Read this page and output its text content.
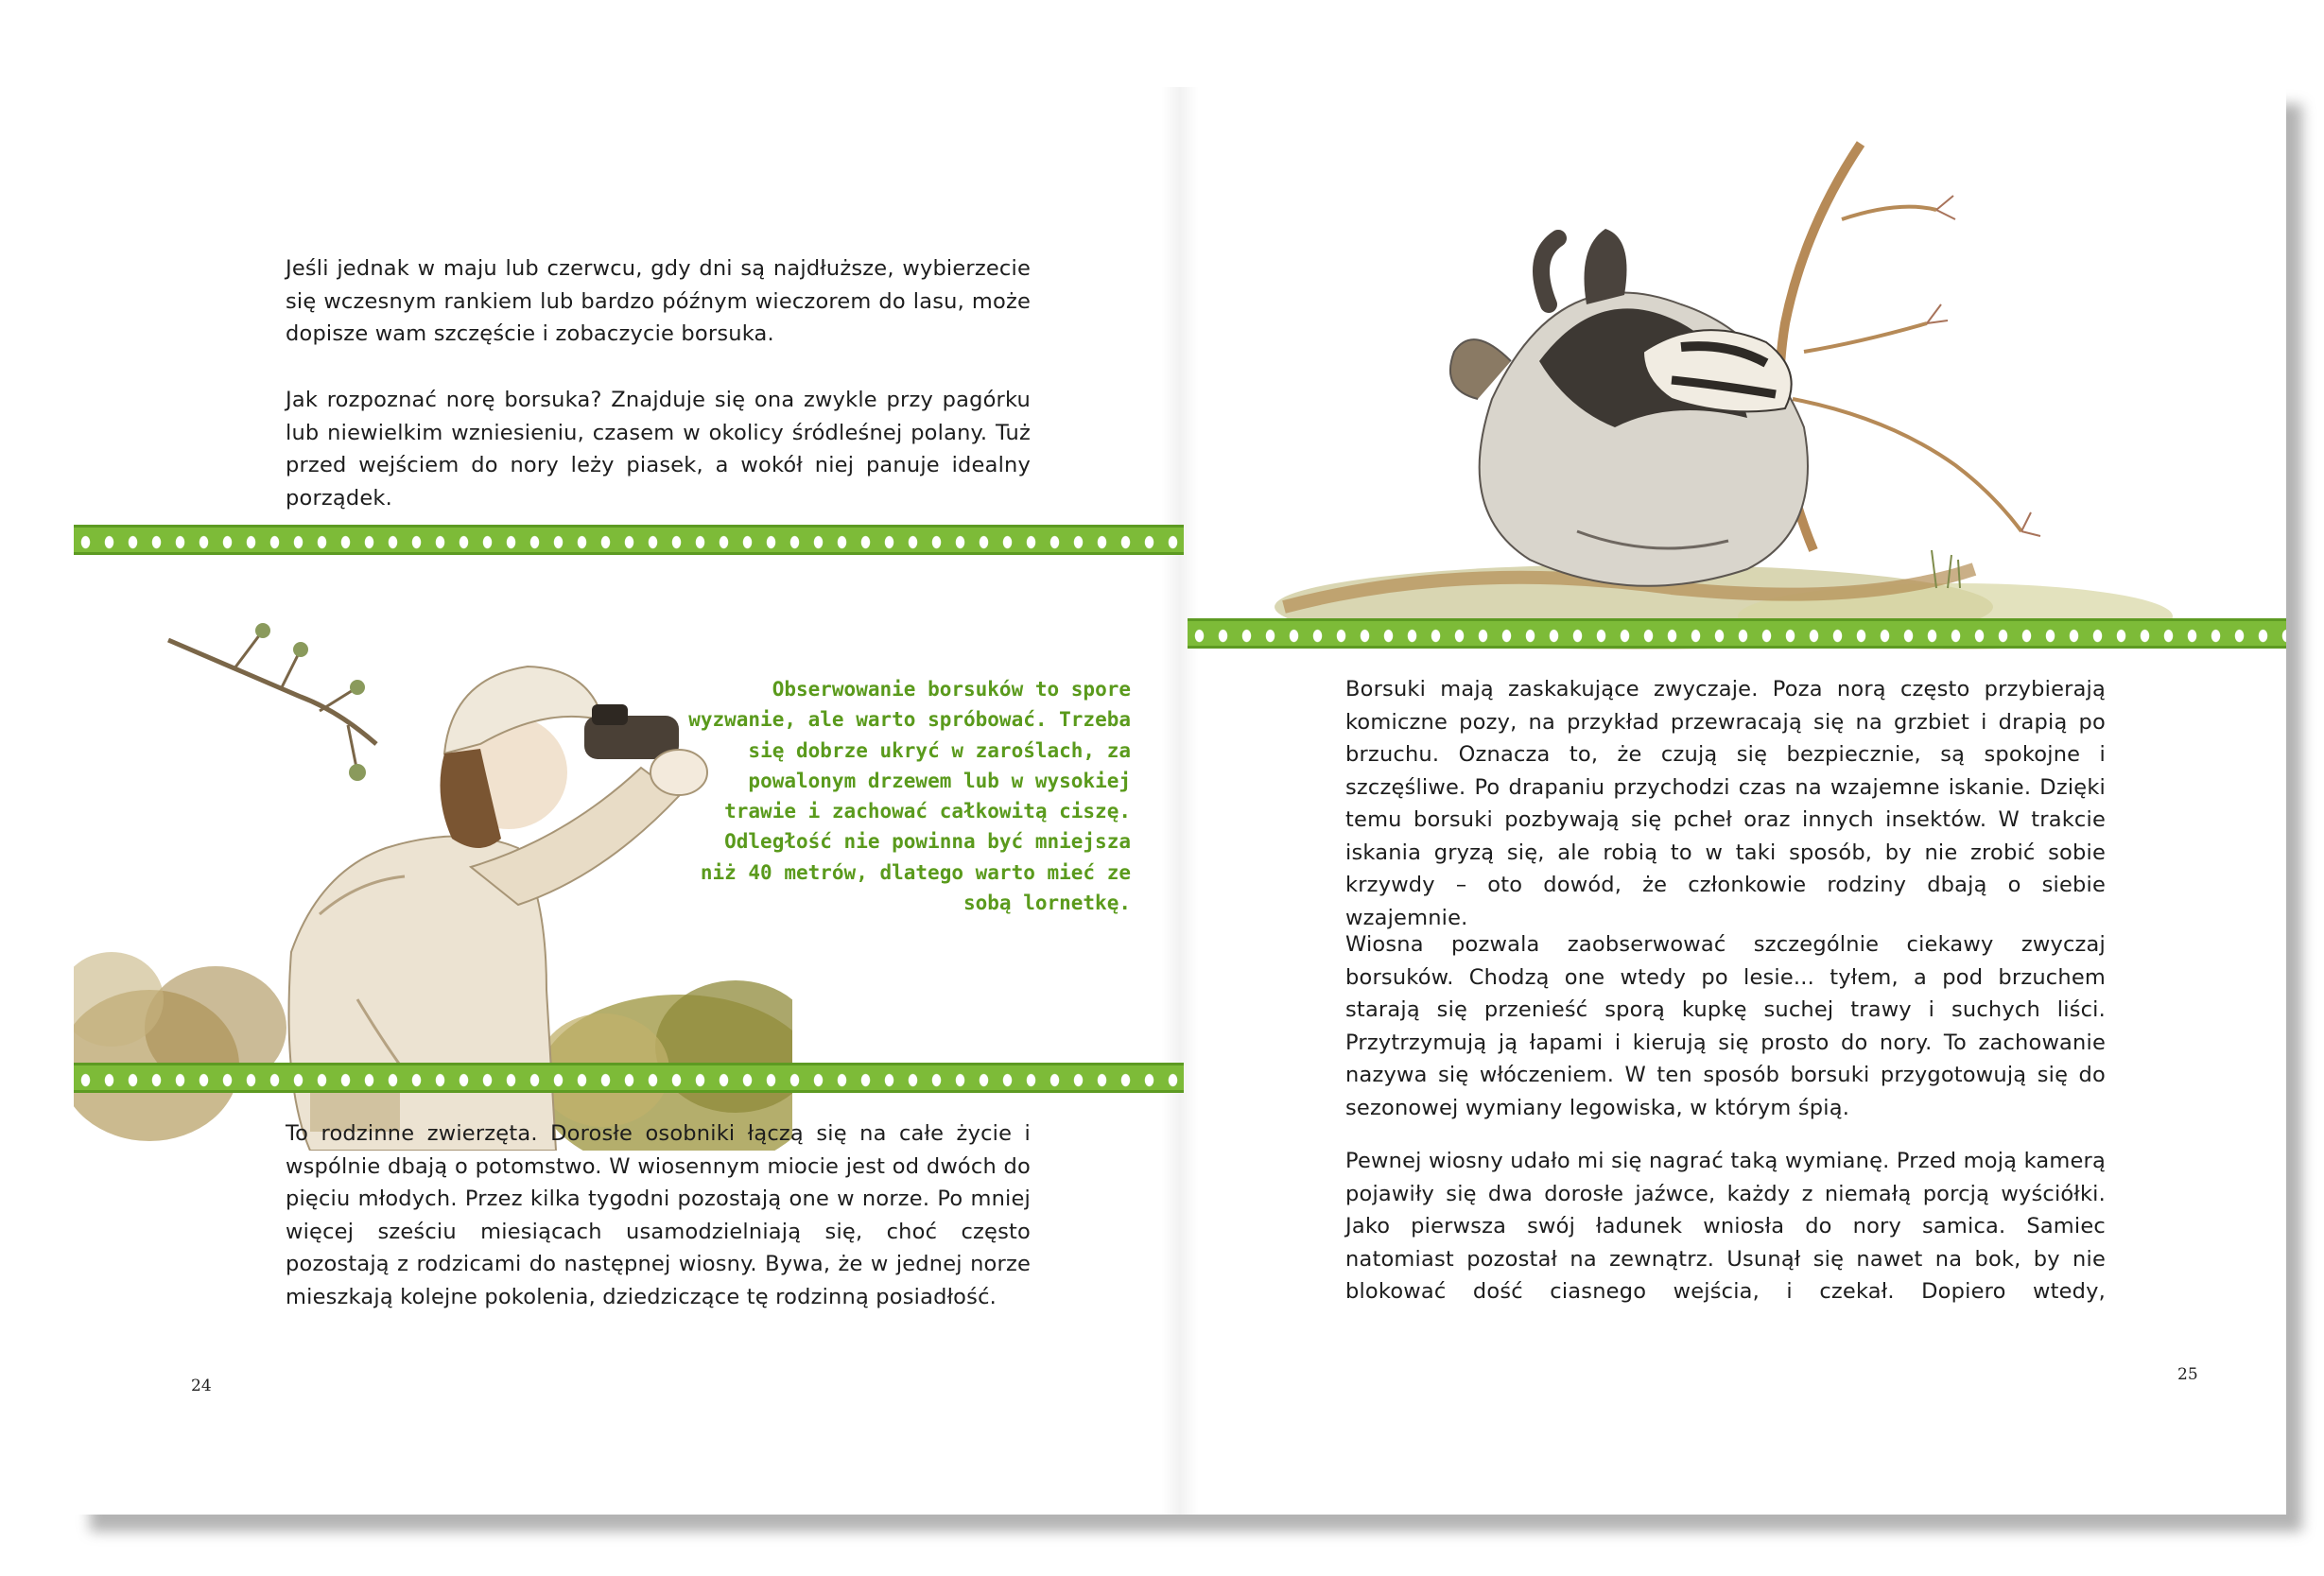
Jeśli jednak w maju lub czerwcu, gdy dni są najdłuższe, wybierzecie się wczesnym rankiem lub bardzo późnym wieczorem do lasu, może dopisze wam szczęście i zobaczycie borsuka.

Jak rozpoznać norę borsuka? Znajduje się ona zwykle przy pagórku lub niewielkim wzniesieniu, czasem w okolicy śródleśnej polany. Tuż przed wejściem do nory leży piasek, a wokół niej panuje idealny porządek.

Obserwowanie borsuków to spore wyzwanie, ale warto spróbować. Trzeba się dobrze ukryć w zaroślach, za powalonym drzewem lub w wysokiej trawie i zachować całkowitą ciszę. Odległość nie powinna być mniejsza niż 40 metrów, dlatego warto mieć ze sobą lornetkę.

To rodzinne zwierzęta. Dorosłe osobniki łączą się na całe życie i wspólnie dbają o potomstwo. W wiosennym miocie jest od dwóch do pięciu młodych. Przez kilka tygodni pozostają one w norze. Po mniej więcej sześciu miesiącach usamodzielniają się, choć często pozostają z rodzicami do następnej wiosny. Bywa, że w jednej norze mieszkają kolejne pokolenia, dziedziczące tę rodzinną posiadłość.

24

Borsuki mają zaskakujące zwyczaje. Poza norą często przybierają komiczne pozy, na przykład przewracają się na grzbiet i drapią po brzuchu. Oznacza to, że czują się bezpiecznie, są spokojne i szczęśliwe. Po drapaniu przychodzi czas na wzajemne iskanie. Dzięki temu borsuki pozbywają się pcheł oraz innych insektów. W trakcie iskania gryzą się, ale robią to w taki sposób, by nie zrobić sobie krzywdy – oto dowód, że członkowie rodziny dbają o siebie wzajemnie.

Wiosna pozwala zaobserwować szczególnie ciekawy zwyczaj borsuków. Chodzą one wtedy po lesie... tyłem, a pod brzuchem starają się przenieść sporą kupkę suchej trawy i suchych liści. Przytrzymują ją łapami i kierują się prosto do nory. To zachowanie nazywa się włóczeniem. W ten sposób borsuki przygotowują się do sezonowej wymiany legowiska, w którym śpią.

Pewnej wiosny udało mi się nagrać taką wymianę. Przed moją kamerą pojawiły się dwa dorosłe jaźwce, każdy z niemałą porcją wyściółki. Jako pierwsza swój ładunek wniosła do nory samica. Samiec natomiast pozostał na zewnątrz. Usunął się nawet na bok, by nie blokować dość ciasnego wejścia, i czekał. Dopiero wtedy,

25
